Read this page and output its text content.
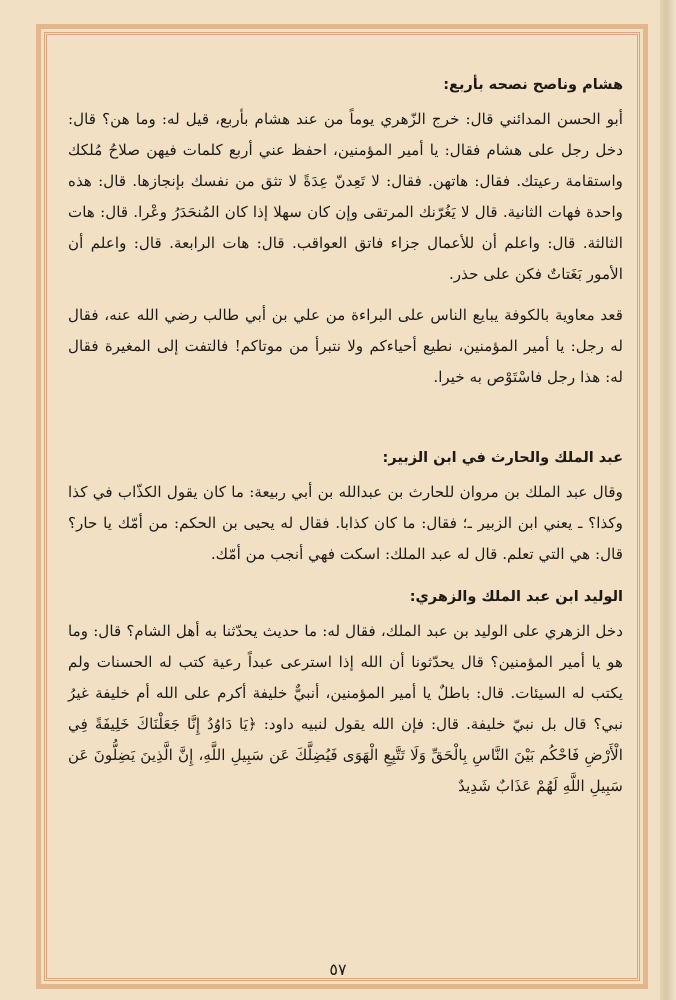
هشام وناصح نصحه بأربع:

أبو الحسن المدائني قال: خرج الزّهري يوماً من عند هشام بأربع، قيل له: وما هن؟ قال: دخل رجل على هشام فقال: يا أمير المؤمنين، احفظ عني أربع كلمات فيهن صلاحُ مُلكك واستقامة رعيتك. فقال: هاتهن. فقال: لا تَعِدنّ عِدَةً لا تثق من نفسك بإنجازها. قال: هذه واحدة فهات الثانية. قال لا يَغُرّنك المرتقى وإن كان سهلا إذا كان المُنحَدَرُ وعْرا. قال: هات الثالثة. قال: واعلم أن للأعمال جزاء فاتق العواقب. قال: هات الرابعة. قال: واعلم أن الأمور بَغَتاتٌ فكن على حذر.

قعد معاوية بالكوفة يبايع الناس على البراءة من علي بن أبي طالب رضي الله عنه، فقال له رجل: يا أمير المؤمنين، نطيع أحياءكم ولا نتبرأ من موتاكم! فالتفت إلى المغيرة فقال له: هذا رجل فاسْتَوْص به خيرا.

عبد الملك والحارث في ابن الزبير:

وقال عبد الملك بن مروان للحارث بن عبدالله بن أبي ربيعة: ما كان يقول الكذّاب في كذا وكذا؟ ـ يعني ابن الزبير ـ؛ فقال: ما كان كذابا. فقال له يحيى بن الحكم: من أمّك يا حار؟ قال: هي التي تعلم. قال له عبد الملك: اسكت فهي أنجب من أمّك.

الوليد ابن عبد الملك والزهري:

دخل الزهري على الوليد بن عبد الملك، فقال له: ما حديث يحدّثنا به أهل الشام؟ قال: وما هو يا أمير المؤمنين؟ قال يحدّثونا أن الله إذا استرعى عبداً رعية كتب له الحسنات ولم يكتب له السيئات. قال: باطلٌ يا أمير المؤمنين، أنبيٌّ خليفة أكرم على الله أم خليفة غيرُ نبي؟ قال بل نبيّ خليفة. قال: فإن الله يقول لنبيه داود: ﴿يَا دَاوُدُ إِنَّا جَعَلْنَاكَ خَلِيفَةً فِي الْأَرْضِ فَاحْكُم بَيْنَ النَّاسِ بِالْحَقِّ وَلَا تَتَّبِعِ الْهَوَى فَيُضِلَّكَ عَن سَبِيلِ اللَّهِ، إِنَّ الَّذِينَ يَضِلُّونَ عَن سَبِيلِ اللَّهِ لَهُمْ عَذَابٌ شَدِيدٌ

٥٧
